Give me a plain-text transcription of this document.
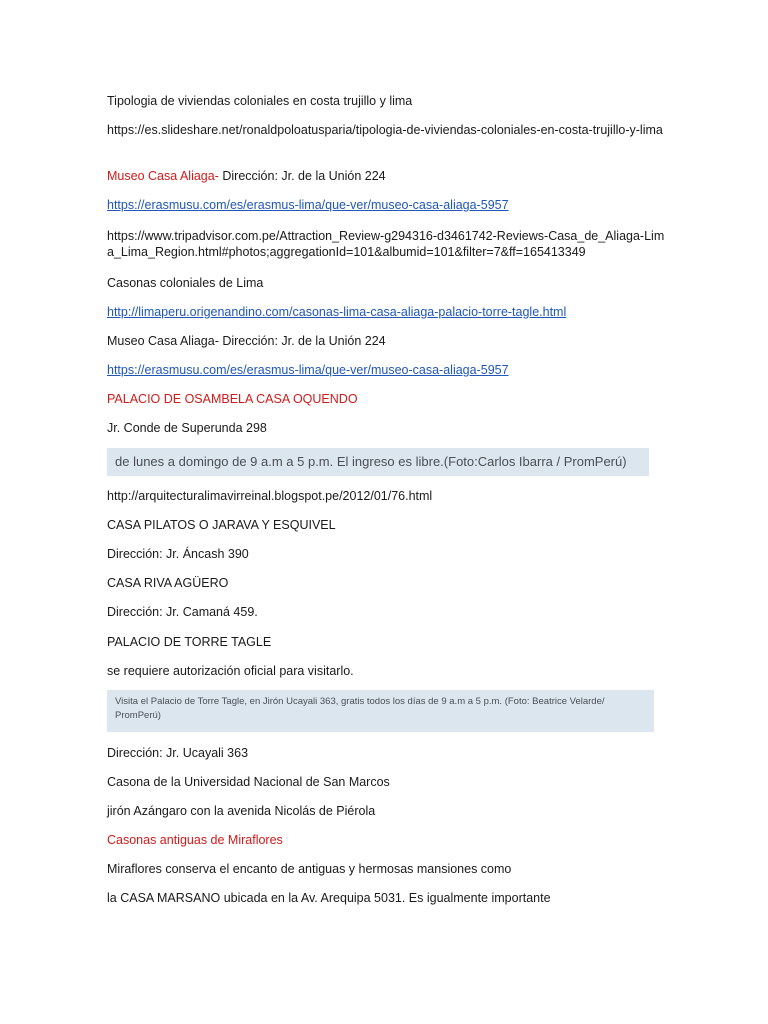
Tipologia de viviendas coloniales en costa trujillo y lima
https://es.slideshare.net/ronaldpoloatusparia/tipologia-de-viviendas-coloniales-en-costa-trujillo-y-lima
Museo Casa Aliaga- Dirección: Jr. de la Unión 224
https://erasmusu.com/es/erasmus-lima/que-ver/museo-casa-aliaga-5957
https://www.tripadvisor.com.pe/Attraction_Review-g294316-d3461742-Reviews-Casa_de_Aliaga-Lima_Lima_Region.html#photos;aggregationId=101&albumid=101&filter=7&ff=165413349
Casonas coloniales de Lima
http://limaperu.origenandino.com/casonas-lima-casa-aliaga-palacio-torre-tagle.html
Museo Casa Aliaga- Dirección: Jr. de la Unión 224
https://erasmusu.com/es/erasmus-lima/que-ver/museo-casa-aliaga-5957
PALACIO DE OSAMBELA CASA OQUENDO
Jr. Conde de Superunda 298
de lunes a domingo de 9 a.m a 5 p.m. El ingreso es libre.(Foto:Carlos Ibarra / PromPerú)
http://arquitecturalimavirreinal.blogspot.pe/2012/01/76.html
CASA PILATOS O JARAVA Y ESQUIVEL
Dirección: Jr. Áncash 390
CASA RIVA AGÜERO
Dirección: Jr. Camaná 459.
PALACIO DE TORRE TAGLE
se requiere autorización oficial para visitarlo.
Visita el Palacio de Torre Tagle, en Jirón Ucayali 363, gratis todos los días de 9 a.m a 5 p.m. (Foto: Beatrice Velarde/ PromPerú)
Dirección: Jr. Ucayali 363
Casona de la Universidad Nacional de San Marcos
jirón Azángaro con la avenida Nicolás de Piérola
Casonas antiguas de Miraflores
Miraflores conserva el encanto de antiguas y hermosas mansiones como
la CASA MARSANO ubicada en la Av. Arequipa 5031. Es igualmente importante
